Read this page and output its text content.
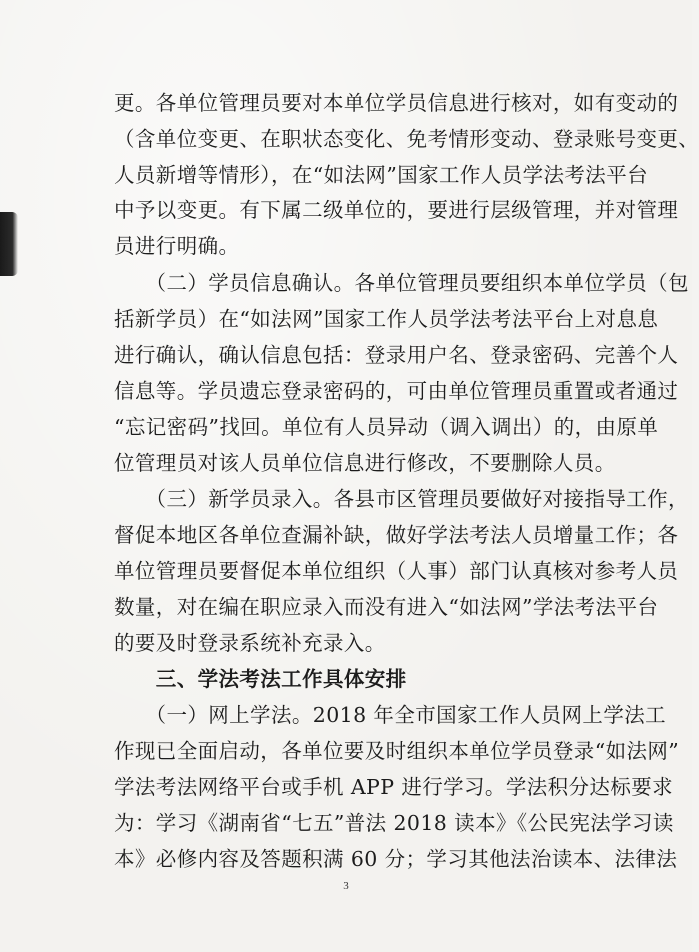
更。各单位管理员要对本单位学员信息进行核对，如有变动的
（含单位变更、在职状态变化、免考情形变动、登录账号变更、
人员新增等情形），在“如法网”国家工作人员学法考法平台
中予以变更。有下属二级单位的，要进行层级管理，并对管理
员进行明确。
　　（二）学员信息确认。各单位管理员要组织本单位学员（包
括新学员）在“如法网”国家工作人员学法考法平台上对息息
进行确认，确认信息包括：登录用户名、登录密码、完善个人
信息等。学员遗忘登录密码的，可由单位管理员重置或者通过
“忘记密码”找回。单位有人员异动（调入调出）的，由原单
位管理员对该人员单位信息进行修改，不要删除人员。
　　（三）新学员录入。各县市区管理员要做好对接指导工作，
督促本地区各单位查漏补缺，做好学法考法人员增量工作；各
单位管理员要督促本单位组织（人事）部门认真核对参考人员
数量，对在编在职应录入而没有进入“如法网”学法考法平台
的要及时登录系统补充录入。
　　三、学法考法工作具体安排
　　（一）网上学法。2018 年全市国家工作人员网上学法工
作现已全面启动，各单位要及时组织本单位学员登录“如法网”
学法考法网络平台或手机 APP 进行学习。学法积分达标要求
为：学习《湖南省“七五”普法 2018 读本》《公民宪法学习读
本》必修内容及答题积满 60 分；学习其他法治读本、法律法
3
